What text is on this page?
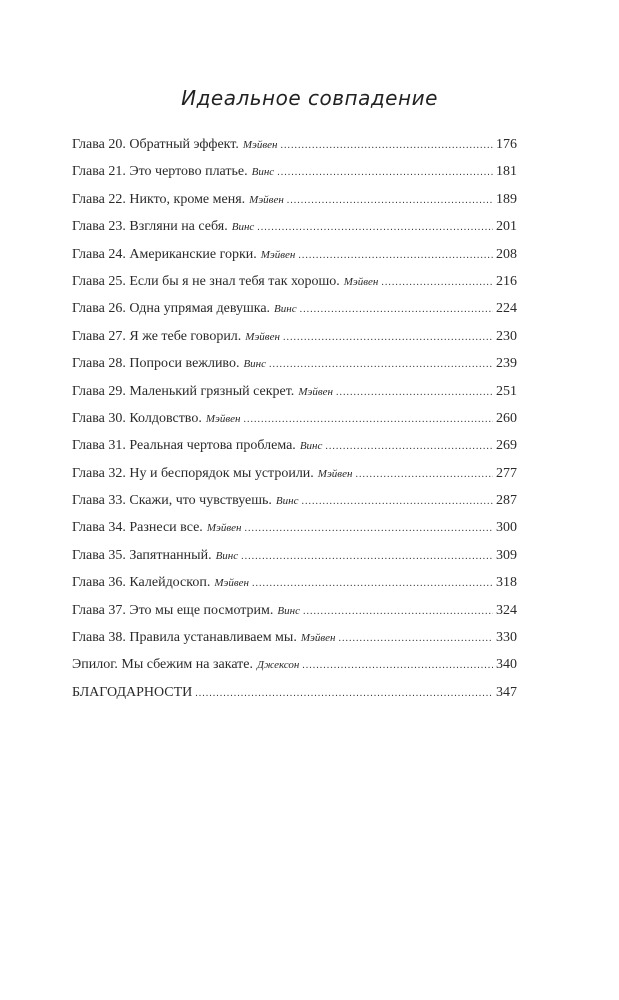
Идеальное совпадение
Глава 20. Обратный эффект. Мэйвен .....	176
Глава 21. Это чертово платье. Винс .....	181
Глава 22. Никто, кроме меня. Мэйвен .....	189
Глава 23. Взгляни на себя. Винс .....	201
Глава 24. Американские горки. Мэйвен .....	208
Глава 25. Если бы я не знал тебя так хорошо. Мэйвен .....	216
Глава 26. Одна упрямая девушка. Винс .....	224
Глава 27. Я же тебе говорил. Мэйвен .....	230
Глава 28. Попроси вежливо. Винс .....	239
Глава 29. Маленький грязный секрет. Мэйвен .....	251
Глава 30. Колдовство. Мэйвен .....	260
Глава 31. Реальная чертова проблема. Винс .....	269
Глава 32. Ну и беспорядок мы устроили. Мэйвен .....	277
Глава 33. Скажи, что чувствуешь. Винс .....	287
Глава 34. Разнеси все. Мэйвен .....	300
Глава 35. Запятнанный. Винс .....	309
Глава 36. Калейдоскоп. Мэйвен .....	318
Глава 37. Это мы еще посмотрим. Винс .....	324
Глава 38. Правила устанавливаем мы. Мэйвен .....	330
Эпилог. Мы сбежим на закате. Джексон .....	340
БЛАГОДАРНОСТИ .....	347
